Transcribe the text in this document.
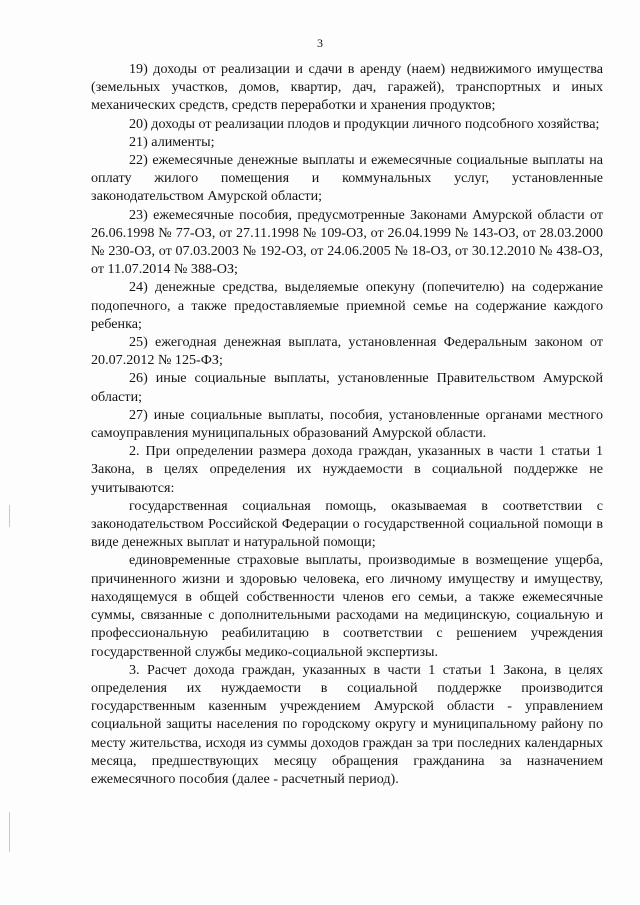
3

19) доходы от реализации и сдачи в аренду (наем) недвижимого имущества (земельных участков, домов, квартир, дач, гаражей), транспортных и иных механических средств, средств переработки и хранения продуктов;

20) доходы от реализации плодов и продукции личного подсобного хозяйства;

21) алименты;

22) ежемесячные денежные выплаты и ежемесячные социальные выплаты на оплату жилого помещения и коммунальных услуг, установленные законодательством Амурской области;

23) ежемесячные пособия, предусмотренные Законами Амурской области от 26.06.1998 № 77-ОЗ, от 27.11.1998 № 109-ОЗ, от 26.04.1999 № 143-ОЗ, от 28.03.2000 № 230-ОЗ, от 07.03.2003 № 192-ОЗ, от 24.06.2005 № 18-ОЗ, от 30.12.2010 № 438-ОЗ, от 11.07.2014 № 388-ОЗ;

24) денежные средства, выделяемые опекуну (попечителю) на содержание подопечного, а также предоставляемые приемной семье на содержание каждого ребенка;

25) ежегодная денежная выплата, установленная Федеральным законом от 20.07.2012 № 125-ФЗ;

26) иные социальные выплаты, установленные Правительством Амурской области;

27) иные социальные выплаты, пособия, установленные органами местного самоуправления муниципальных образований Амурской области.

2. При определении размера дохода граждан, указанных в части 1 статьи 1 Закона, в целях определения их нуждаемости в социальной поддержке не учитываются:

государственная социальная помощь, оказываемая в соответствии с законодательством Российской Федерации о государственной социальной помощи в виде денежных выплат и натуральной помощи;

единовременные страховые выплаты, производимые в возмещение ущерба, причиненного жизни и здоровью человека, его личному имуществу и имуществу, находящемуся в общей собственности членов его семьи, а также ежемесячные суммы, связанные с дополнительными расходами на медицинскую, социальную и профессиональную реабилитацию в соответствии с решением учреждения государственной службы медико-социальной экспертизы.

3. Расчет дохода граждан, указанных в части 1 статьи 1 Закона, в целях определения их нуждаемости в социальной поддержке производится государственным казенным учреждением Амурской области - управлением социальной защиты населения по городскому округу и муниципальному району по месту жительства, исходя из суммы доходов граждан за три последних календарных месяца, предшествующих месяцу обращения гражданина за назначением ежемесячного пособия (далее - расчетный период).
